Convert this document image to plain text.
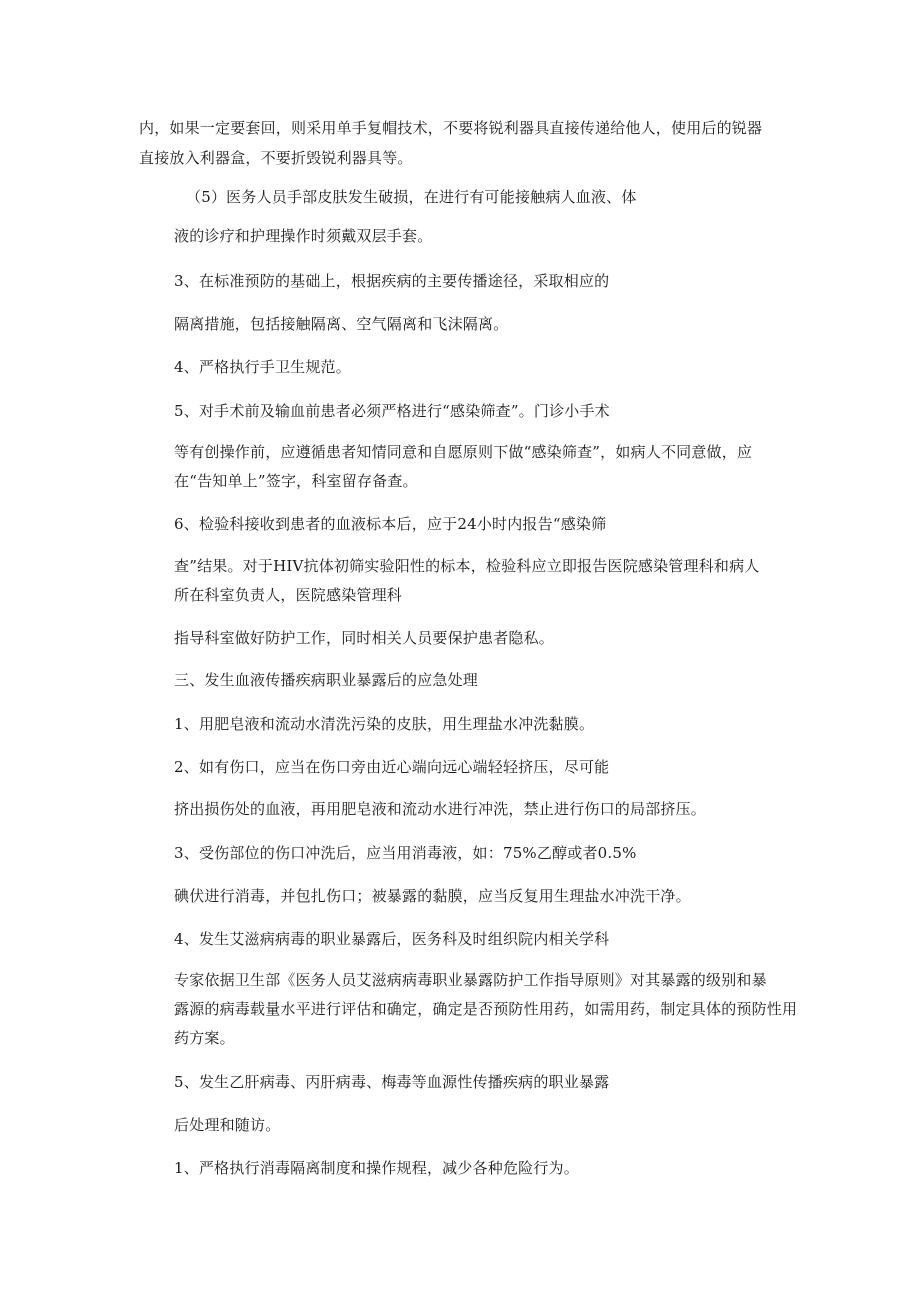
内，如果一定要套回，则采用单手复帽技术，不要将锐利器具直接传递给他人，使用后的锐器
直接放入利器盒，不要折毁锐利器具等。
（5）医务人员手部皮肤发生破损，在进行有可能接触病人血液、体
液的诊疗和护理操作时须戴双层手套。
3、在标准预防的基础上，根据疾病的主要传播途径，采取相应的
隔离措施，包括接触隔离、空气隔离和飞沫隔离。
4、严格执行手卫生规范。
5、对手术前及输血前患者必须严格进行“感染筛查”。门诊小手术
等有创操作前，应遵循患者知情同意和自愿原则下做“感染筛查”，如病人不同意做，应
在“告知单上”签字，科室留存备查。
6、检验科接收到患者的血液标本后，应于24小时内报告“感染筛
查”结果。对于HIV抗体初筛实验阳性的标本，检验科应立即报告医院感染管理科和病人
所在科室负责人，医院感染管理科
指导科室做好防护工作，同时相关人员要保护患者隐私。
三、发生血液传播疾病职业暴露后的应急处理
1、用肥皂液和流动水清洗污染的皮肤，用生理盐水冲洗黏膜。
2、如有伤口，应当在伤口旁由近心端向远心端轻轻挤压，尽可能
挤出损伤处的血液，再用肥皂液和流动水进行冲洗，禁止进行伤口的局部挤压。
3、受伤部位的伤口冲洗后，应当用消毒液，如：75%乙醇或者0.5%
碘伏进行消毒，并包扎伤口；被暴露的黏膜，应当反复用生理盐水冲洗干净。
4、发生艾滋病病毒的职业暴露后，医务科及时组织院内相关学科
专家依据卫生部《医务人员艾滋病病毒职业暴露防护工作指导原则》对其暴露的级别和暴
露源的病毒载量水平进行评估和确定，确定是否预防性用药，如需用药，制定具体的预防性用
药方案。
5、发生乙肝病毒、丙肝病毒、梅毒等血源性传播疾病的职业暴露
后处理和随访。
1、严格执行消毒隔离制度和操作规程，减少各种危险行为。
